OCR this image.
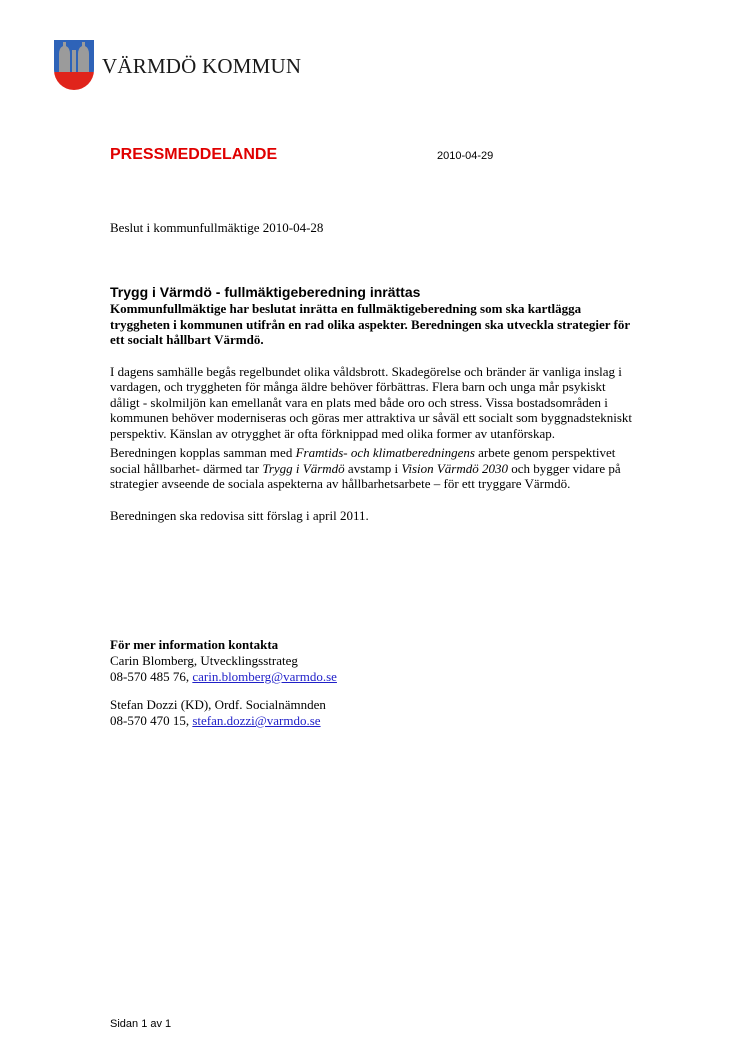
VÄRMDÖ KOMMUN
PRESSMEDDELANDE	2010-04-29
Beslut i kommunfullmäktige 2010-04-28

Trygg i Värmdö - fullmäktigeberedning inrättas

Kommunfullmäktige har beslutat inrätta en fullmäktigeberedning som ska kartlägga tryggheten i kommunen utifrån en rad olika aspekter. Beredningen ska utveckla strategier för ett socialt hållbart Värmdö.

I dagens samhälle begås regelbundet olika våldsbrott. Skadegörelse och bränder är vanliga inslag i vardagen, och tryggheten för många äldre behöver förbättras. Flera barn och unga mår psykiskt dåligt - skolmiljön kan emellanåt vara en plats med både oro och stress. Vissa bostadsområden i kommunen behöver moderniseras och göras mer attraktiva ur såväl ett socialt som byggnadstekniskt perspektiv. Känslan av otrygghet är ofta förknippad med olika former av utanförskap.

Beredningen kopplas samman med Framtids- och klimatberedningens arbete genom perspektivet social hållbarhet- därmed tar Trygg i Värmdö avstamp i Vision Värmdö 2030 och bygger vidare på strategier avseende de sociala aspekterna av hållbarhetsarbete – för ett tryggare Värmdö.

Beredningen ska redovisa sitt förslag i april 2011.

För mer information kontakta
Carin Blomberg, Utvecklingsstrateg
08-570 485 76, carin.blomberg@varmdo.se
Stefan Dozzi (KD), Ordf. Socialnämnden
08-570 470 15, stefan.dozzi@varmdo.se
Sidan 1 av 1
